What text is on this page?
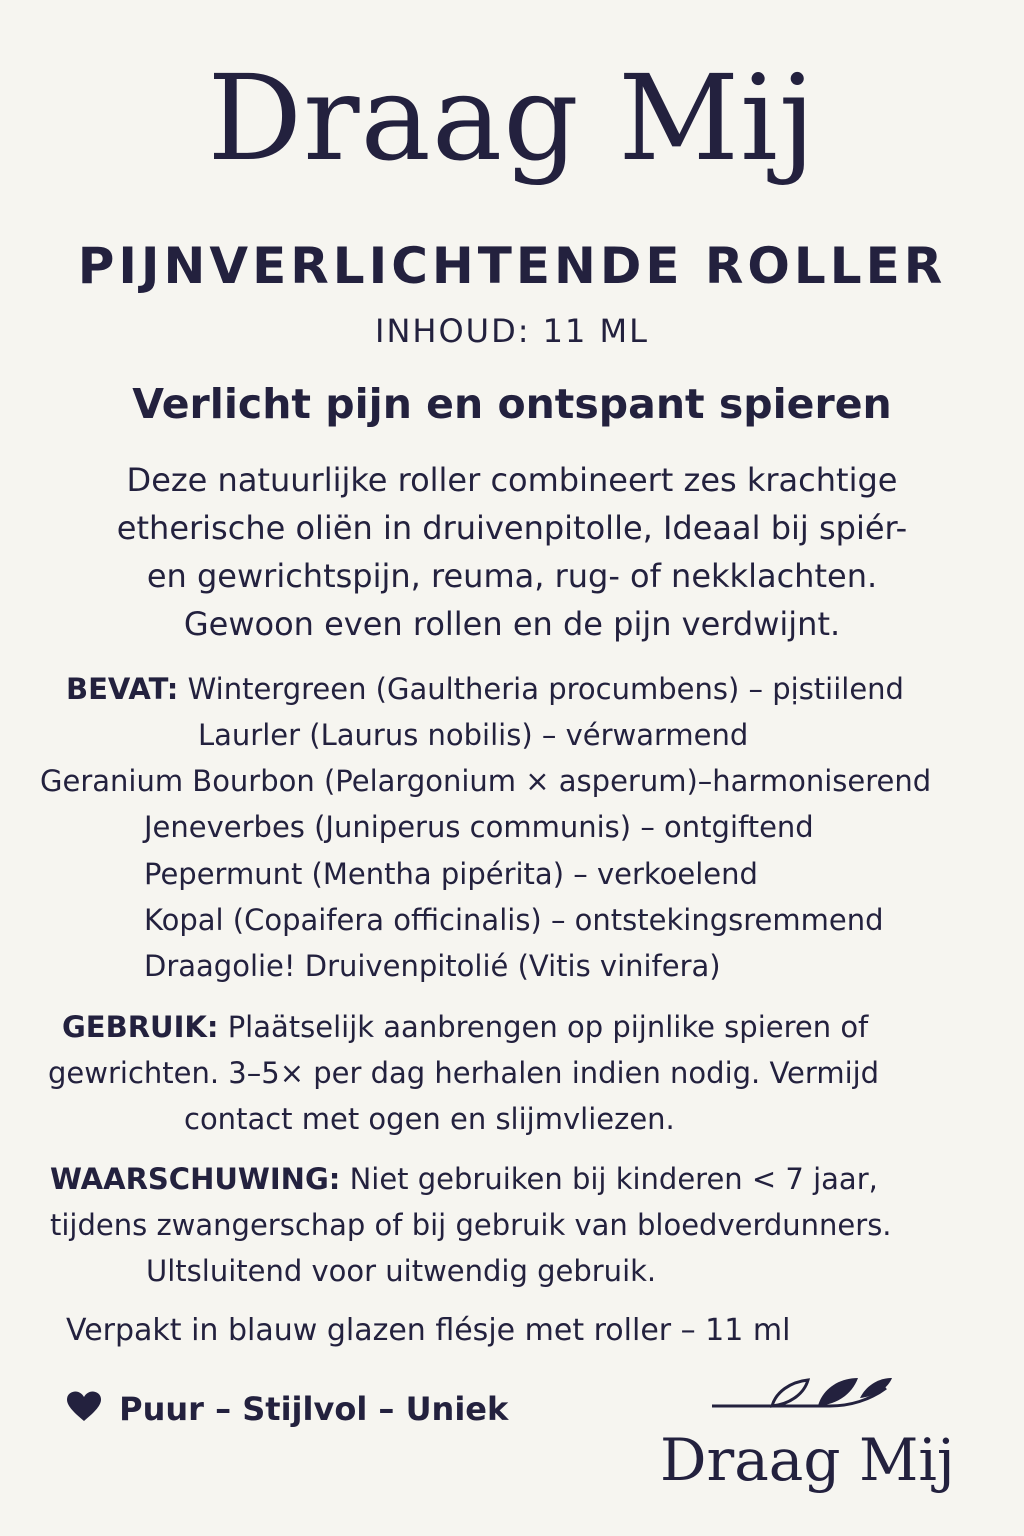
Draag Mij
PIJNVERLICHTENDE ROLLER
INHOUD: 11 ML
Verlicht pijn en ontspant spieren
Deze natuurlijke roller combineert zes krachtige
etherische oliën in druivenpitolle, Ideaal bij spiér-
en gewrichtspijn, reuma, rug- of nekklachten.
Gewoon even rollen en de pijn verdwijnt.
BEVAT: Wintergreen (Gaultheria procumbens) – pịstiilend
Laurler (Laurus nobilis) – vérwarmend
Geranium Bourbon (Pelargonium × asperum)–harmoniserend
Jeneverbes (Juniperus communis) – ontgiftend
Pepermunt (Mentha pipérita) – verkoelend
Kopal (Copaifera officinalis) – ontstekingsremmend
Draagolie! Druivenpitolié (Vitis vinifera)
GEBRUIK: Plaätselijk aanbrengen op pijnlike spieren of
gewrichten. 3–5× per dag herhalen indien nodig. Vermijd
contact met ogen en slijmvliezen.
WAARSCHUWING: Niet gebruiken bij kinderen < 7 jaar,
tijdens zwangerschap of bij gebruik van bloedverdunners.
Ultsluitend voor uitwendig gebruik.
Verpakt in blauw glazen flésje met roller – 11 ml
Puur – Stijlvol – Uniek
Draag Mij
